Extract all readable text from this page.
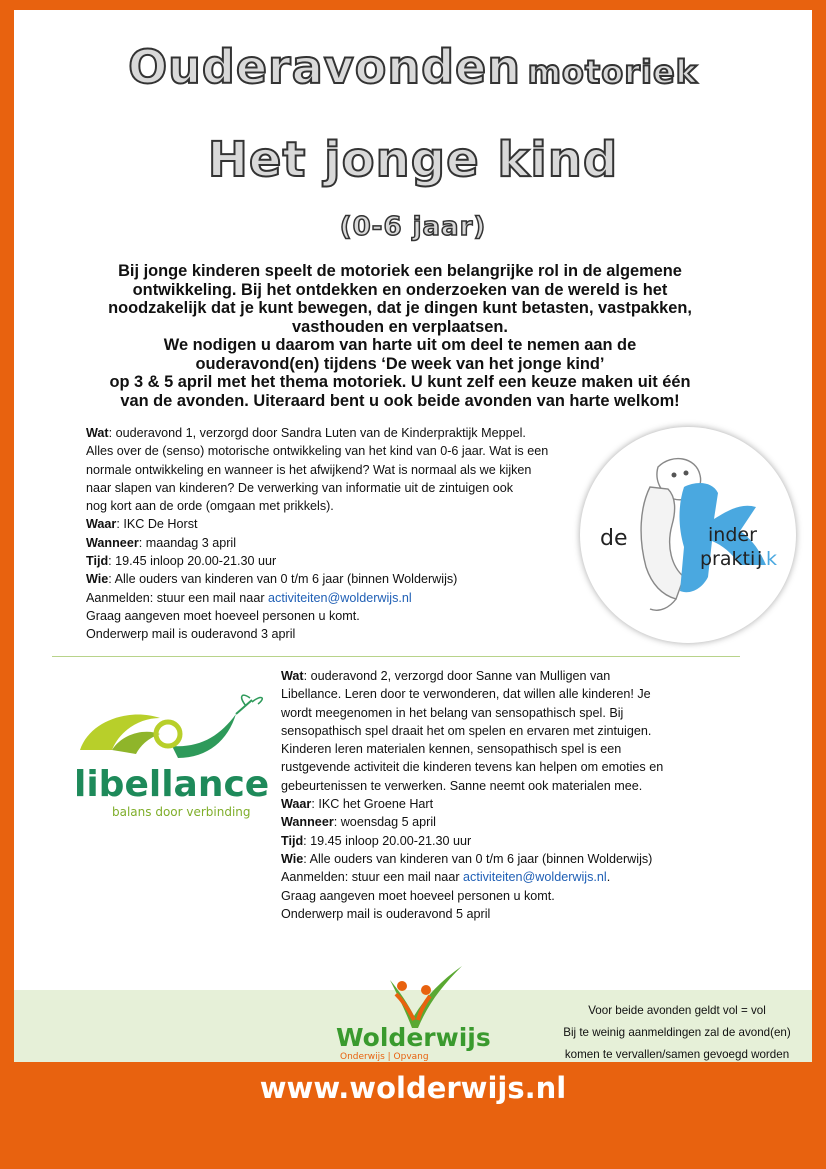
Ouderavonden motoriek
Het jonge kind
(0-6 jaar)
Bij jonge kinderen speelt de motoriek een belangrijke rol in de algemene
ontwikkeling. Bij het ontdekken en onderzoeken van de wereld is het
noodzakelijk dat je kunt bewegen, dat je dingen kunt betasten, vastpakken,
vasthouden en verplaatsen.
We nodigen u daarom van harte uit om deel te nemen aan de
ouderavond(en) tijdens ‘De week van het jonge kind’
op 3 & 5 april met het thema motoriek. U kunt zelf een keuze maken uit één
van de avonden. Uiteraard bent u ook beide avonden van harte welkom!

Wat: ouderavond 1, verzorgd door Sandra Luten van de Kinderpraktijk Meppel.

Alles over de (senso) motorische ontwikkeling van het kind van 0-6 jaar. Wat is een

normale ontwikkeling en wanneer is het afwijkend? Wat is normaal als we kijken

naar slapen van kinderen? De verwerking van informatie uit de zintuigen ook

nog kort aan de orde (omgaan met prikkels).

Waar: IKC De Horst

Wanneer: maandag 3 april

Tijd: 19.45 inloop 20.00-21.30 uur

Wie: Alle ouders van kinderen van 0 t/m 6 jaar (binnen Wolderwijs)

Aanmelden: stuur een mail naar activiteiten@wolderwijs.nl

Graag aangeven moet hoeveel personen u komt.

Onderwerp mail is ouderavond 3 april

de	inder
prakti j k
libellance
balans door verbinding

Wat: ouderavond 2, verzorgd door Sanne van Mulligen van

Libellance. Leren door te verwonderen, dat willen alle kinderen! Je

wordt meegenomen in het belang van sensopathisch spel. Bij

sensopathisch spel draait het om spelen en ervaren met zintuigen.

Kinderen leren materialen kennen, sensopathisch spel is een

rustgevende activiteit die kinderen tevens kan helpen om emoties en

gebeurtenissen te verwerken. Sanne neemt ook materialen mee.

Waar: IKC het Groene Hart

Wanneer: woensdag 5 april

Tijd: 19.45 inloop 20.00-21.30 uur

Wie: Alle ouders van kinderen van 0 t/m 6 jaar (binnen Wolderwijs)

Aanmelden: stuur een mail naar activiteiten@wolderwijs.nl.

Graag aangeven moet hoeveel personen u komt.

Onderwerp mail is ouderavond 5 april

Wolderwijs
Onderwijs | Opvang

Voor beide avonden geldt vol = vol

Bij te weinig aanmeldingen zal de avond(en)

komen te vervallen/samen gevoegd worden

www.wolderwijs.nl
